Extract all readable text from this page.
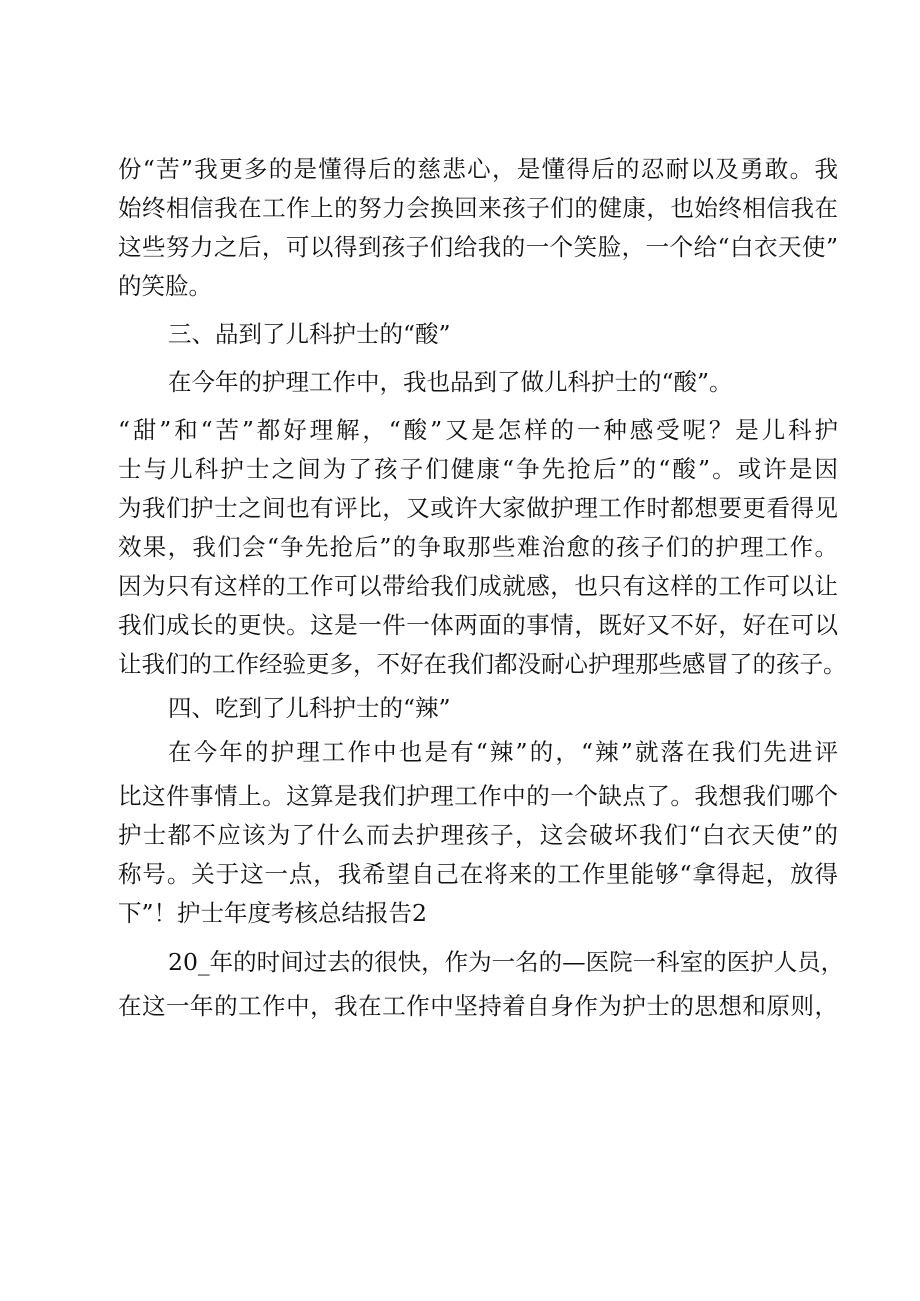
份“苦”我更多的是懂得后的慈悲心，是懂得后的忍耐以及勇敢。我
始终相信我在工作上的努力会换回来孩子们的健康，也始终相信我在
这些努力之后，可以得到孩子们给我的一个笑脸，一个给“白衣天使”
的笑脸。
三、品到了儿科护士的“酸”
在今年的护理工作中，我也品到了做儿科护士的“酸”。
“甜”和“苦”都好理解，“酸”又是怎样的一种感受呢？是儿科护
士与儿科护士之间为了孩子们健康“争先抢后”的“酸”。或许是因
为我们护士之间也有评比，又或许大家做护理工作时都想要更看得见
效果，我们会“争先抢后”的争取那些难治愈的孩子们的护理工作。
因为只有这样的工作可以带给我们成就感，也只有这样的工作可以让
我们成长的更快。这是一件一体两面的事情，既好又不好，好在可以
让我们的工作经验更多，不好在我们都没耐心护理那些感冒了的孩子。
四、吃到了儿科护士的“辣”
在今年的护理工作中也是有“辣”的，“辣”就落在我们先进评
比这件事情上。这算是我们护理工作中的一个缺点了。我想我们哪个
护士都不应该为了什么而去护理孩子，这会破坏我们“白衣天使”的
称号。关于这一点，我希望自己在将来的工作里能够“拿得起，放得
下”！护士年度考核总结报告2
20_年的时间过去的很快，作为一名的—医院一科室的医护人员，
在这一年的工作中，我在工作中坚持着自身作为护士的思想和原则，
